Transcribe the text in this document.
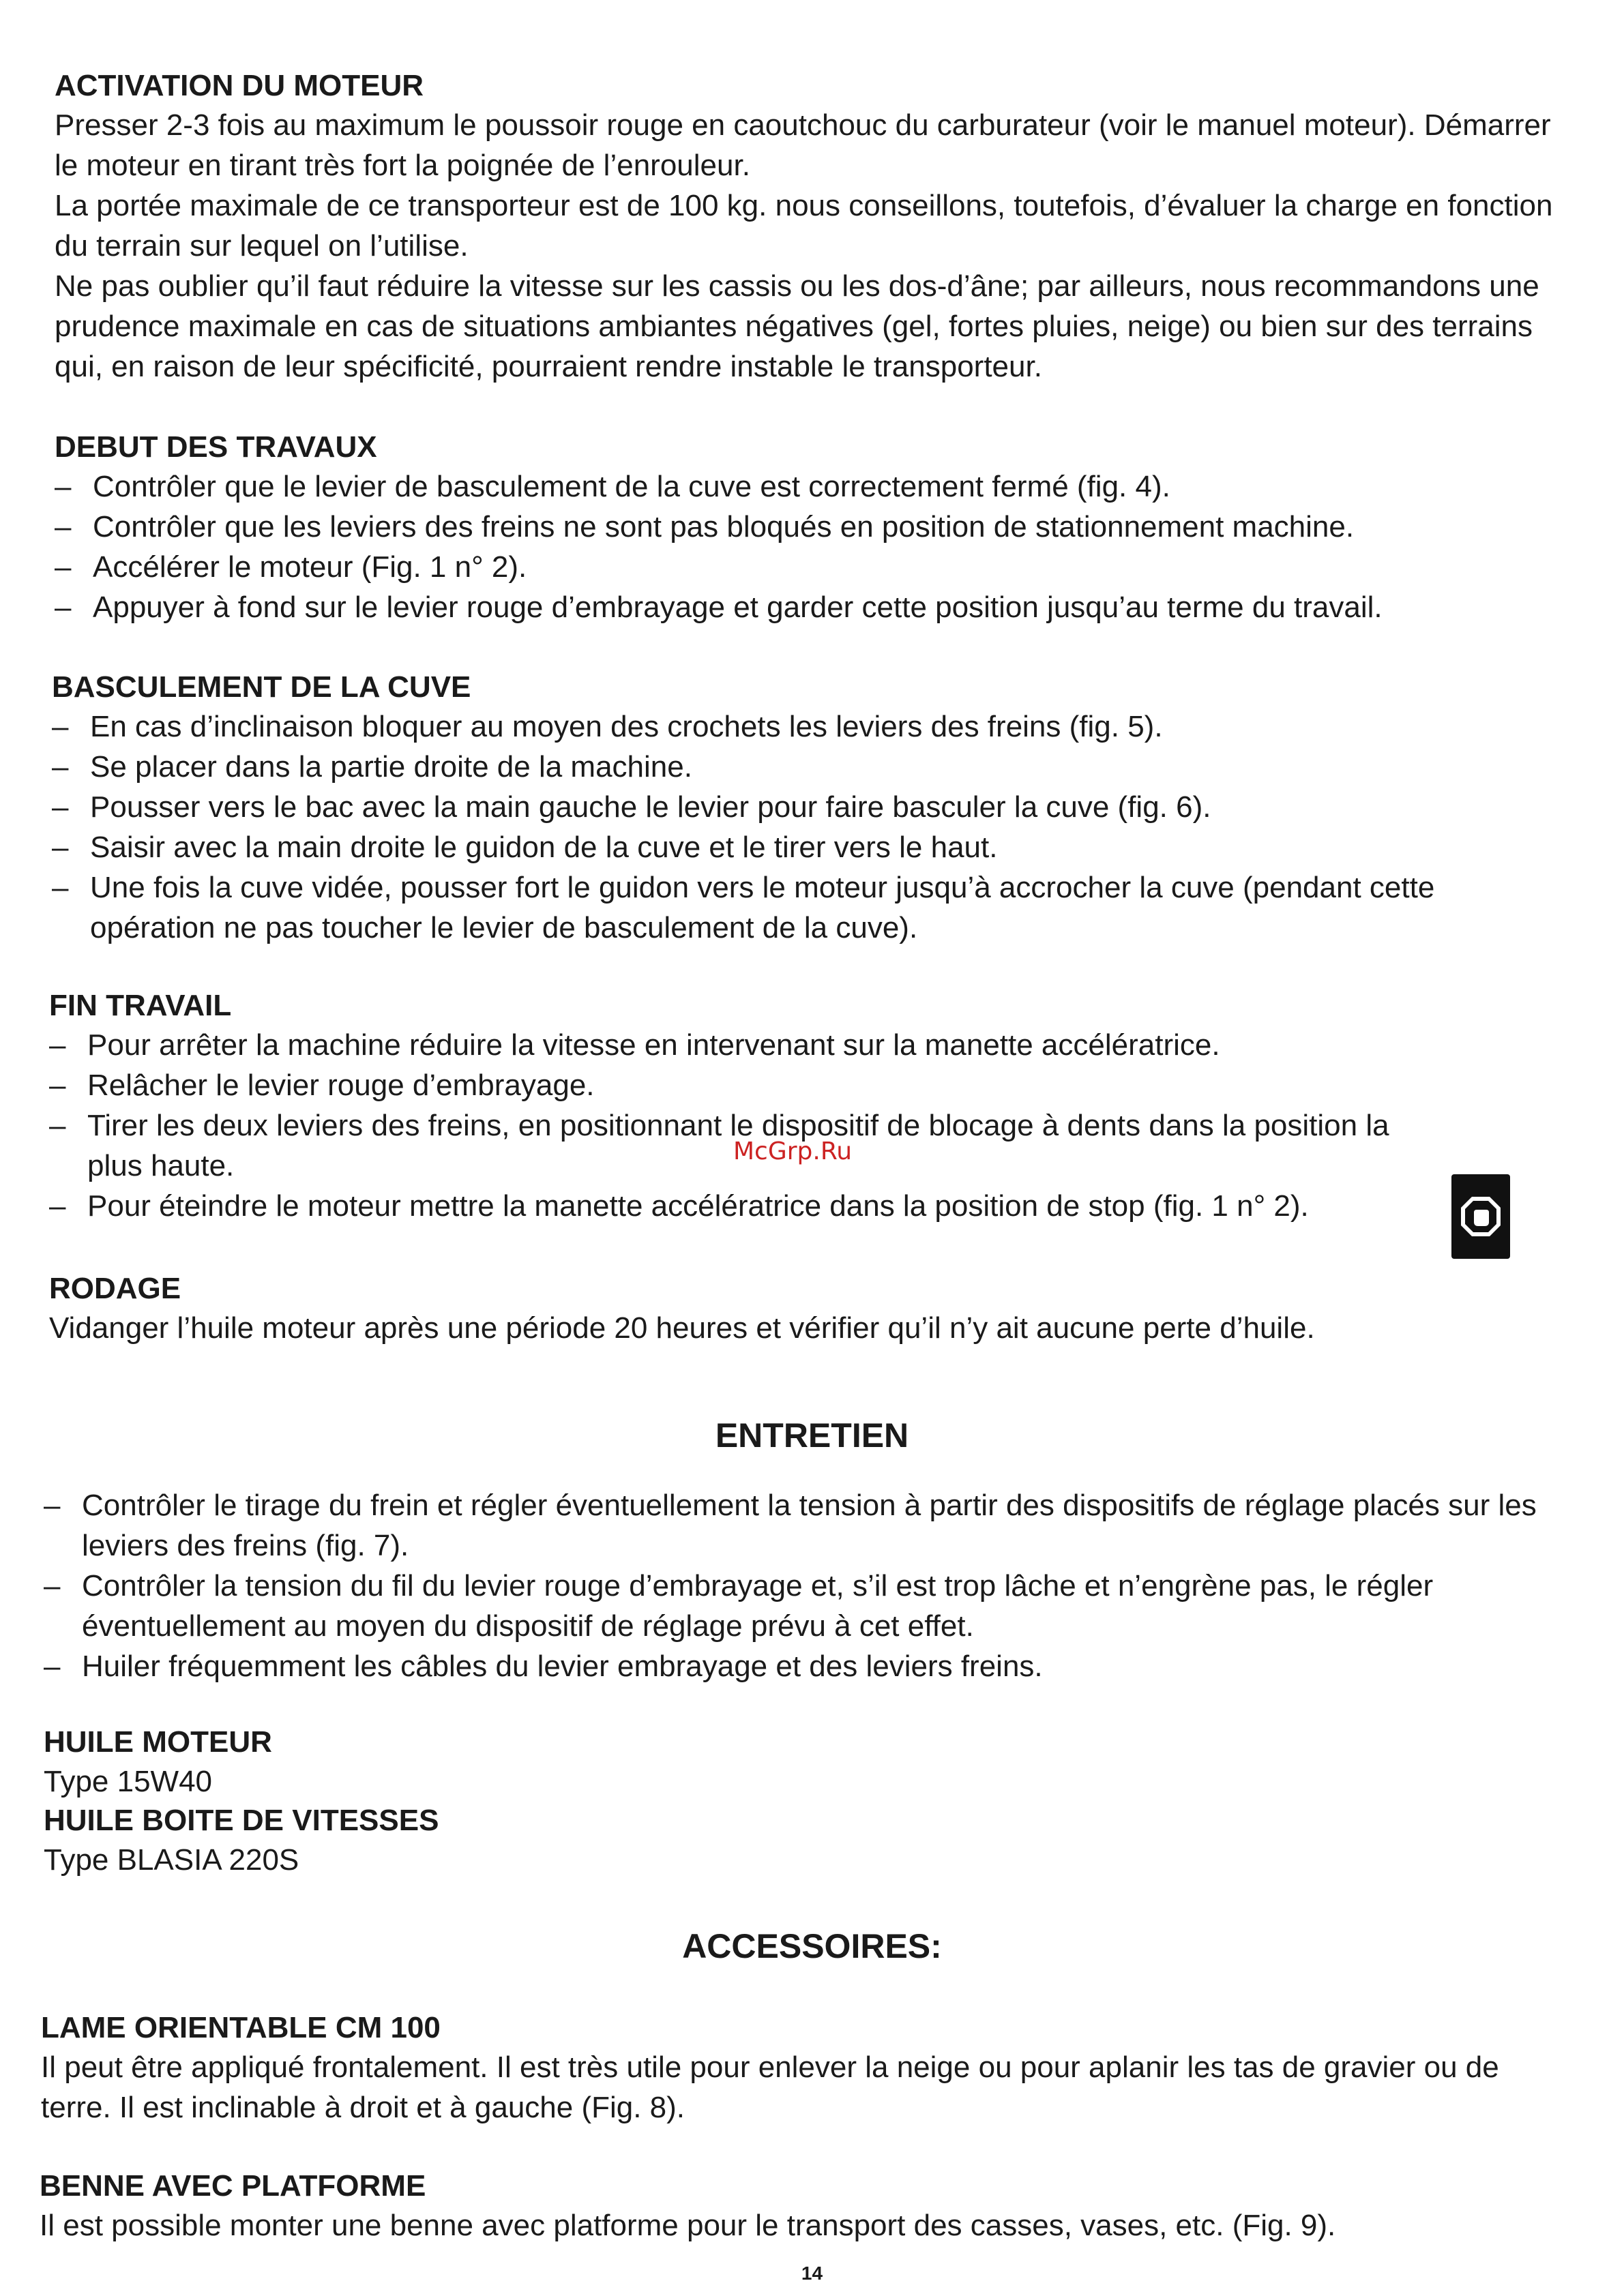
ACTIVATION DU MOTEUR

Presser 2-3 fois au maximum le poussoir rouge en caoutchouc du carburateur (voir le manuel moteur). Démarrer le moteur en tirant très fort la poignée de l’enrouleur.

La portée maximale de ce transporteur est de 100 kg. nous conseillons, toutefois, d’évaluer la charge en fonction du terrain sur lequel on l’utilise.

Ne pas oublier qu’il faut réduire la vitesse sur les cassis ou les dos-d’âne; par ailleurs, nous recommandons une prudence maximale en cas de situations ambiantes négatives (gel, fortes pluies, neige) ou bien sur des terrains qui, en raison de leur spécificité, pourraient rendre instable le transporteur.

DEBUT DES TRAVAUX

– Contrôler que le levier de basculement de la cuve est correctement fermé (fig. 4).
– Contrôler que les leviers des freins ne sont pas bloqués en position de stationnement machine.
– Accélérer le moteur (Fig. 1 n° 2).
– Appuyer à fond sur le levier rouge d’embrayage et garder cette position jusqu’au terme du travail.

BASCULEMENT DE LA CUVE

– En cas d’inclinaison bloquer au moyen des crochets les leviers des freins (fig. 5).
– Se placer dans la partie droite de la machine.
– Pousser vers le bac avec la main gauche le levier pour faire basculer la cuve (fig. 6).
– Saisir avec la main droite le guidon de la cuve et le tirer vers le haut.
– Une fois la cuve vidée, pousser fort le guidon vers le moteur jusqu’à accrocher la cuve (pendant cette opération ne pas toucher le levier de basculement de la cuve).

FIN TRAVAIL

– Pour arrêter la machine réduire la vitesse en intervenant sur la manette accélératrice.
– Relâcher le levier rouge d’embrayage.
– Tirer les deux leviers des freins, en positionnant le dispositif de blocage à dents dans la position la plus haute.
– Pour éteindre le moteur mettre la manette accélératrice dans la position de stop (fig. 1 n° 2).
McGrp.Ru

RODAGE

Vidanger l’huile moteur après une période 20 heures et vérifier qu’il n’y ait aucune perte d’huile.

ENTRETIEN

– Contrôler le tirage du frein et régler éventuellement la tension à partir des dispositifs de réglage placés sur les leviers des freins (fig. 7).
– Contrôler la tension du fil du levier rouge d’embrayage et, s’il est trop lâche et n’engrène pas, le régler éventuellement au moyen du dispositif de réglage prévu à cet effet.
– Huiler fréquemment les câbles du levier embrayage et des leviers freins.

HUILE MOTEUR

Type 15W40

HUILE BOITE DE VITESSES

Type BLASIA 220S

ACCESSOIRES:

LAME ORIENTABLE CM 100

Il peut être appliqué frontalement. Il est très utile pour enlever la neige ou pour aplanir les tas de gravier ou de terre. Il est inclinable à droit et à gauche (Fig. 8).

BENNE AVEC PLATFORME

Il est possible monter une benne avec platforme pour le transport des casses, vases, etc. (Fig. 9).

14
